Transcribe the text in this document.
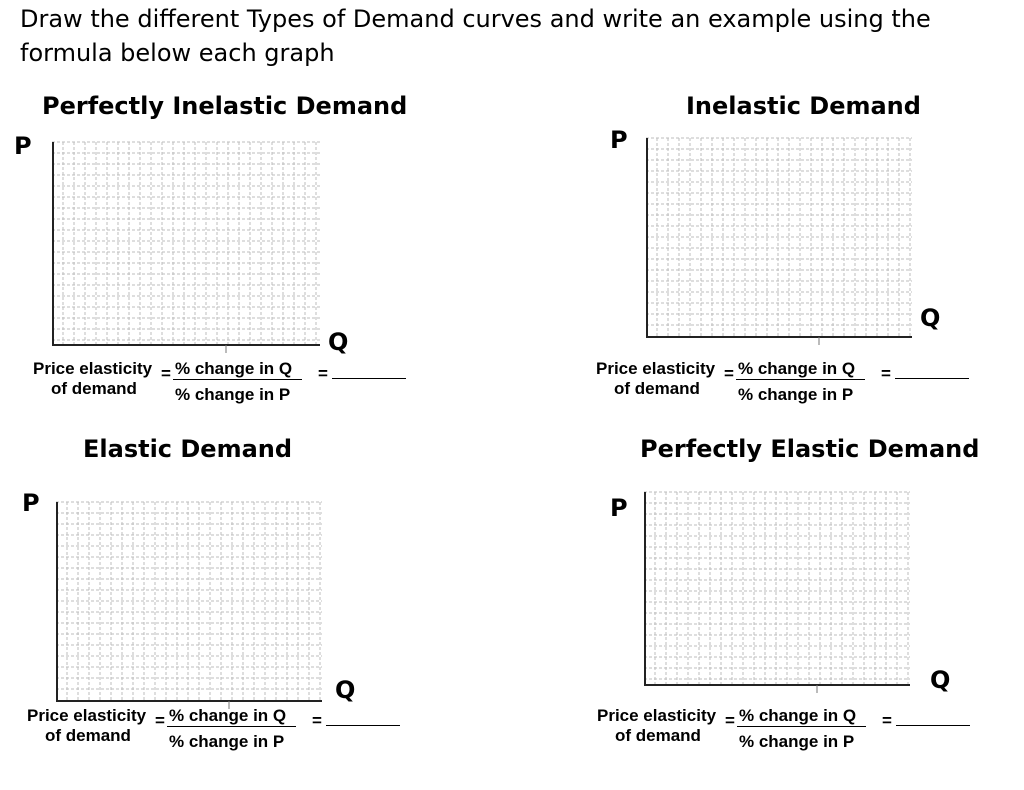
Draw the different Types of Demand curves and write an example using the formula below each graph

Perfectly Inelastic Demand
P
Q
Price elasticity
of demand
= % change in Q
% change in P
=
Inelastic Demand
P
Q
Price elasticity
of demand
= % change in Q
% change in P
=
Elastic Demand
P
Q
Price elasticity
of demand
= % change in Q
% change in P
=
Perfectly Elastic Demand
P
Q
Price elasticity
of demand
= % change in Q
% change in P
=
